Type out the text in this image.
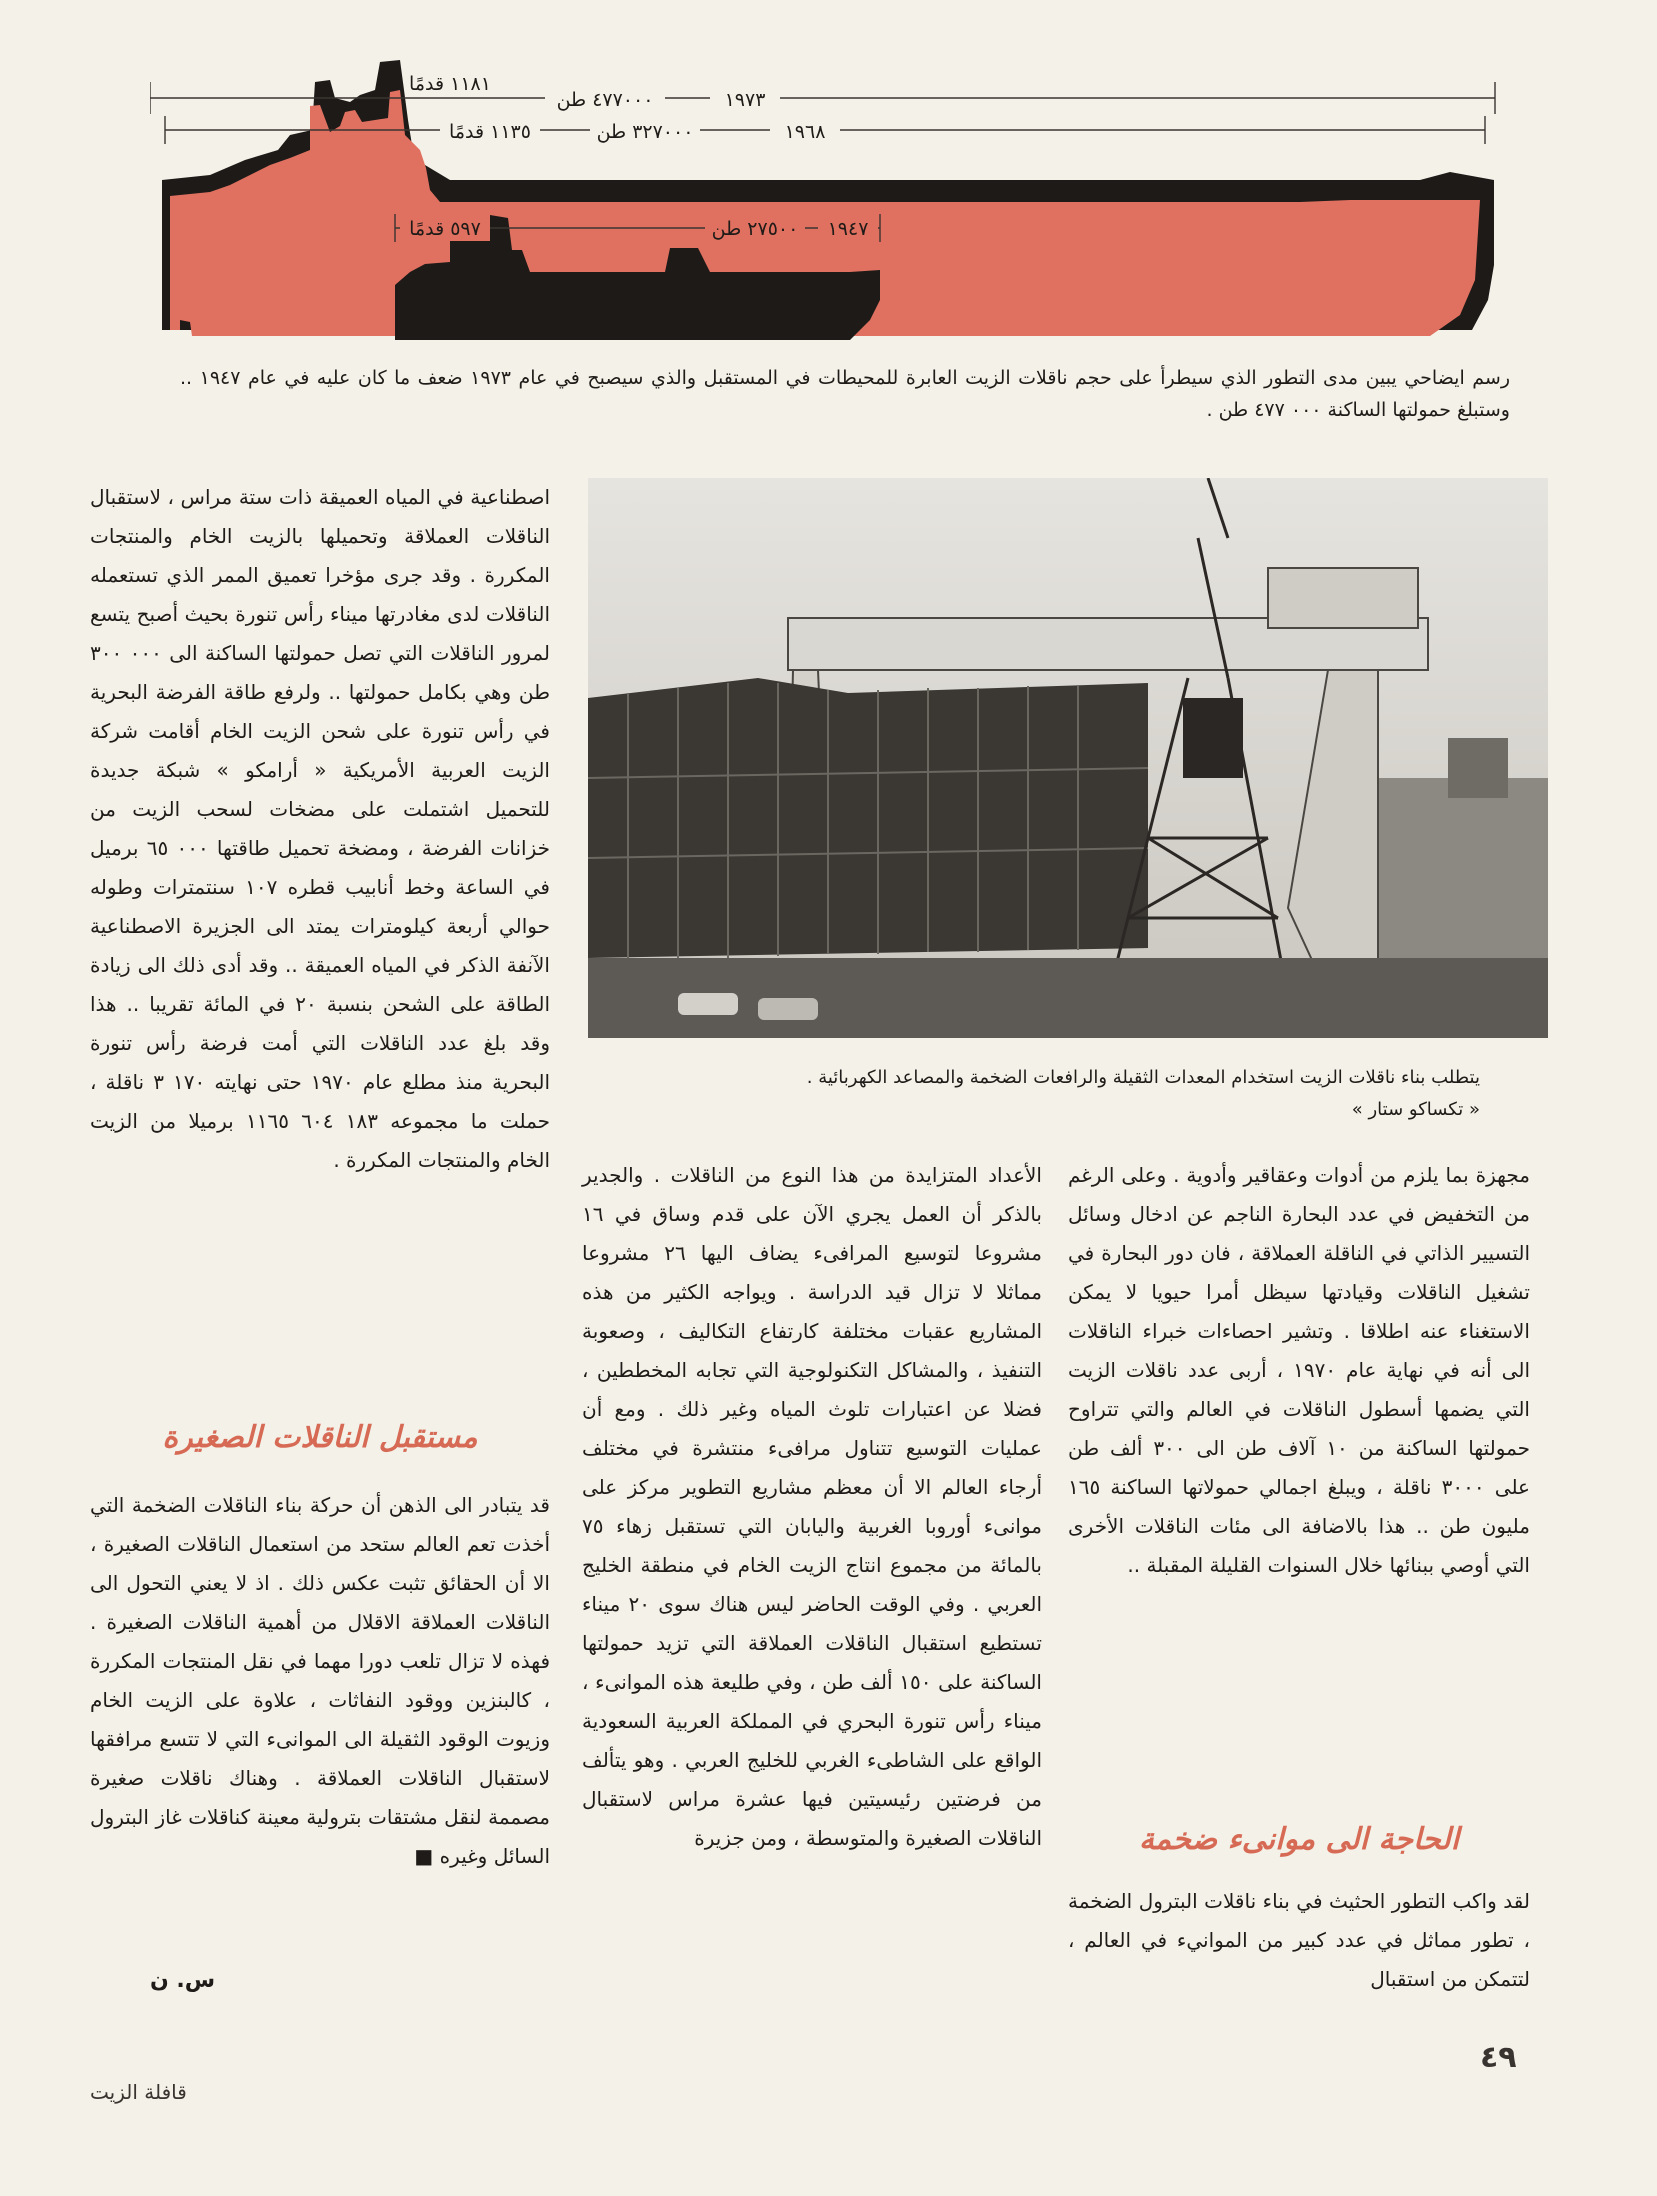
١١٨١ قدمًا
٤٧٧٠٠٠ طن	١٩٧٣
١١٣٥ قدمًا	٣٢٧٠٠٠ طن	١٩٦٨
٥٩٧ قدمًا	٢٧٥٠٠ طن ١٩٤٧
رسم ايضاحي يبين مدى التطور الذي سيطرأ على حجم ناقلات الزيت العابرة للمحيطات في المستقبل والذي سيصبح في عام ١٩٧٣ ضعف ما كان عليه في عام ١٩٤٧ .. وستبلغ حمولتها الساكنة ٠٠٠ ٤٧٧ طن .
يتطلب بناء ناقلات الزيت استخدام المعدات الثقيلة والرافعات الضخمة والمصاعد الكهربائية .
« تكساكو ستار »

اصطناعية في المياه العميقة ذات ستة مراس ، لاستقبال الناقلات العملاقة وتحميلها بالزيت الخام والمنتجات المكررة . وقد جرى مؤخرا تعميق الممر الذي تستعمله الناقلات لدى مغادرتها ميناء رأس تنورة بحيث أصبح يتسع لمرور الناقلات التي تصل حمولتها الساكنة الى ٠٠٠ ٣٠٠ طن وهي بكامل حمولتها .. ولرفع طاقة الفرضة البحرية في رأس تنورة على شحن الزيت الخام أقامت شركة الزيت العربية الأمريكية « أرامكو » شبكة جديدة للتحميل اشتملت على مضخات لسحب الزيت من خزانات الفرضة ، ومضخة تحميل طاقتها ٠٠٠ ٦٥ برميل في الساعة وخط أنابيب قطره ١٠٧ سنتمترات وطوله حوالي أربعة كيلومترات يمتد الى الجزيرة الاصطناعية الآنفة الذكر في المياه العميقة .. وقد أدى ذلك الى زيادة الطاقة على الشحن بنسبة ٢٠ في المائة تقريبا .. هذا وقد بلغ عدد الناقلات التي أمت فرضة رأس تنورة البحرية منذ مطلع عام ١٩٧٠ حتى نهايته ١٧٠ ٣ ناقلة ، حملت ما مجموعه ١٨٣ ٦٠٤ ١١٦٥ برميلا من الزيت الخام والمنتجات المكررة .

مستقبل الناقلات الصغيرة

قد يتبادر الى الذهن أن حركة بناء الناقلات الضخمة التي أخذت تعم العالم ستحد من استعمال الناقلات الصغيرة ، الا أن الحقائق تثبت عكس ذلك . اذ لا يعني التحول الى الناقلات العملاقة الاقلال من أهمية الناقلات الصغيرة . فهذه لا تزال تلعب دورا مهما في نقل المنتجات المكررة ، كالبنزين ووقود النفاثات ، علاوة على الزيت الخام وزيوت الوقود الثقيلة الى الموانىء التي لا تتسع مرافقها لاستقبال الناقلات العملاقة . وهناك ناقلات صغيرة مصممة لنقل مشتقات بترولية معينة كناقلات غاز البترول السائل وغيره ■

س. ن

الأعداد المتزايدة من هذا النوع من الناقلات . والجدير بالذكر أن العمل يجري الآن على قدم وساق في ١٦ مشروعا لتوسيع المرافىء يضاف اليها ٢٦ مشروعا مماثلا لا تزال قيد الدراسة . ويواجه الكثير من هذه المشاريع عقبات مختلفة كارتفاع التكاليف ، وصعوبة التنفيذ ، والمشاكل التكنولوجية التي تجابه المخططين ، فضلا عن اعتبارات تلوث المياه وغير ذلك . ومع أن عمليات التوسيع تتناول مرافىء منتشرة في مختلف أرجاء العالم الا أن معظم مشاريع التطوير مركز على موانىء أوروبا الغربية واليابان التي تستقبل زهاء ٧٥ بالمائة من مجموع انتاج الزيت الخام في منطقة الخليج العربي . وفي الوقت الحاضر ليس هناك سوى ٢٠ ميناء تستطيع استقبال الناقلات العملاقة التي تزيد حمولتها الساكنة على ١٥٠ ألف طن ، وفي طليعة هذه الموانىء ، ميناء رأس تنورة البحري في المملكة العربية السعودية الواقع على الشاطىء الغربي للخليج العربي . وهو يتألف من فرضتين رئيسيتين فيها عشرة مراس لاستقبال الناقلات الصغيرة والمتوسطة ، ومن جزيرة

مجهزة بما يلزم من أدوات وعقاقير وأدوية . وعلى الرغم من التخفيض في عدد البحارة الناجم عن ادخال وسائل التسيير الذاتي في الناقلة العملاقة ، فان دور البحارة في تشغيل الناقلات وقيادتها سيظل أمرا حيويا لا يمكن الاستغناء عنه اطلاقا . وتشير احصاءات خبراء الناقلات الى أنه في نهاية عام ١٩٧٠ ، أربى عدد ناقلات الزيت التي يضمها أسطول الناقلات في العالم والتي تتراوح حمولتها الساكنة من ١٠ آلاف طن الى ٣٠٠ ألف طن على ٣٠٠٠ ناقلة ، ويبلغ اجمالي حمولاتها الساكنة ١٦٥ مليون طن .. هذا بالاضافة الى مئات الناقلات الأخرى التي أوصي ببنائها خلال السنوات القليلة المقبلة ..

الحاجة الى موانىء ضخمة

لقد واكب التطور الحثيث في بناء ناقلات البترول الضخمة ، تطور مماثل في عدد كبير من الموانيء في العالم ، لتتمكن من استقبال

٤٩
قافلة الزيت
